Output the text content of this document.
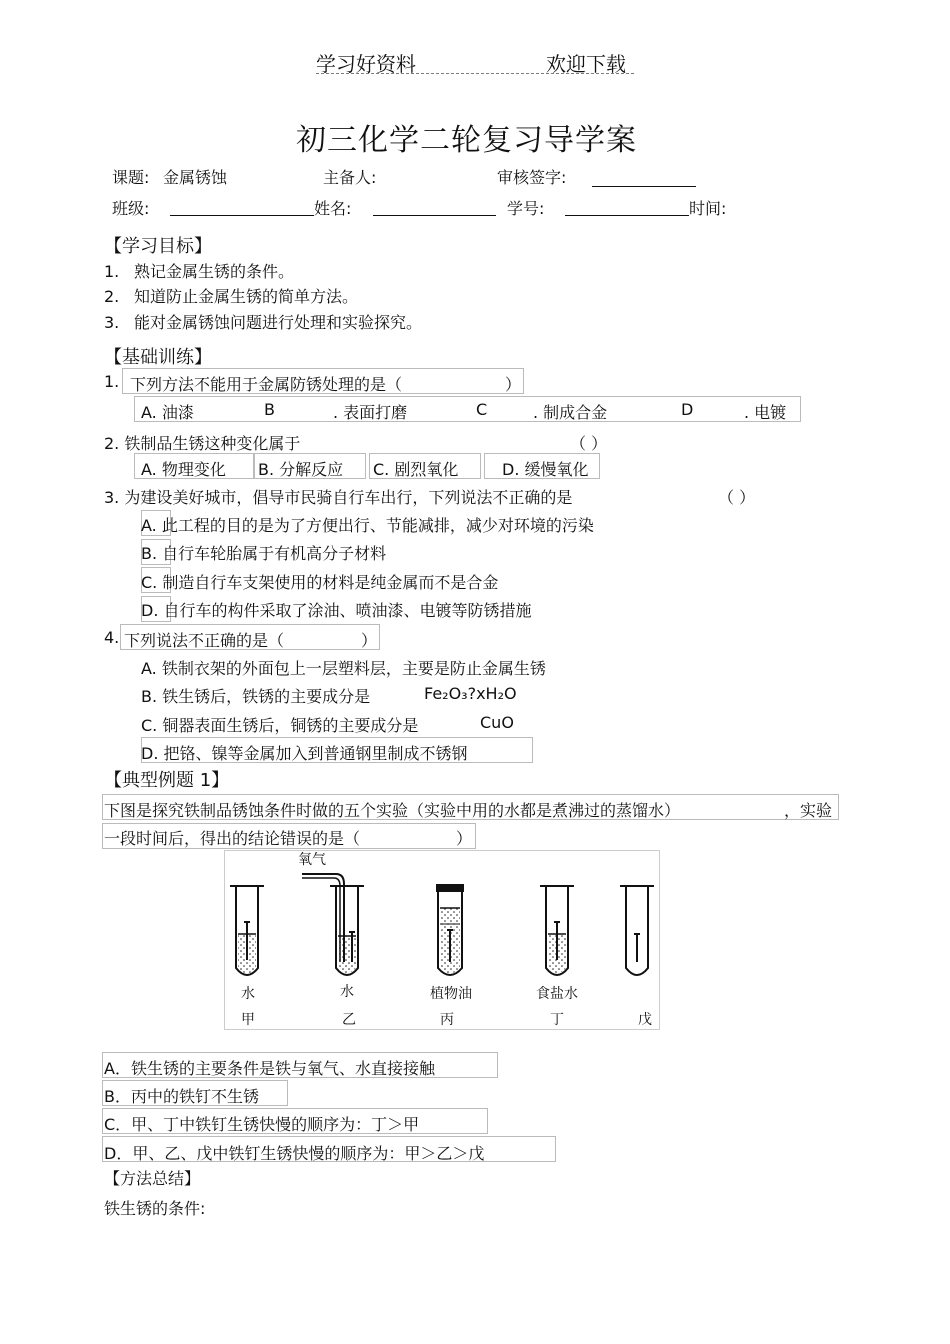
学习好资料	欢迎下载
初三化学二轮复习导学案
课题: 金属锈蚀	主备人:	审核签字:
班级:	姓名:	学号:	时间:
【学习目标】
1. 熟记金属生锈的条件。
2. 知道防止金属生锈的简单方法。
3. 能对金属锈蚀问题进行处理和实验探究。
【基础训练】
1. 下列方法不能用于金属防锈处理的是（	）
A. 油漆	B	. 表面打磨	C	. 制成合金	D	. 电镀
2. 铁制品生锈这种变化属于	（ ）
A. 物理变化 B. 分解反应 C. 剧烈氧化	D. 缓慢氧化
3. 为建设美好城市，倡导市民骑自行车出行，下列说法不正确的是	（ ）
A. 此工程的目的是为了方便出行、节能减排，减少对环境的污染
B. 自行车轮胎属于有机高分子材料
C. 制造自行车支架使用的材料是纯金属而不是合金
D. 自行车的构件采取了涂油、喷油漆、电镀等防锈措施
4. 下列说法不正确的是（	）
A. 铁制衣架的外面包上一层塑料层，主要是防止金属生锈
B. 铁生锈后，铁锈的主要成分是	Fe₂O₃?xH₂O
C. 铜器表面生锈后，铜锈的主要成分是	CuO
D. 把铬、镍等金属加入到普通钢里制成不锈钢
【典型例题 1】
下图是探究铁制品锈蚀条件时做的五个实验（实验中用的水都是煮沸过的蒸馏水）	，实验
一段时间后，得出的结论错误的是（	）
氧气
水	水	植物油	食盐水
甲	乙	丙	丁	戊
A．铁生锈的主要条件是铁与氧气、水直接接触
B．丙中的铁钉不生锈
C．甲、丁中铁钉生锈快慢的顺序为：丁＞甲
D．甲、乙、戊中铁钉生锈快慢的顺序为：甲＞乙＞戊
【方法总结】
铁生锈的条件:
